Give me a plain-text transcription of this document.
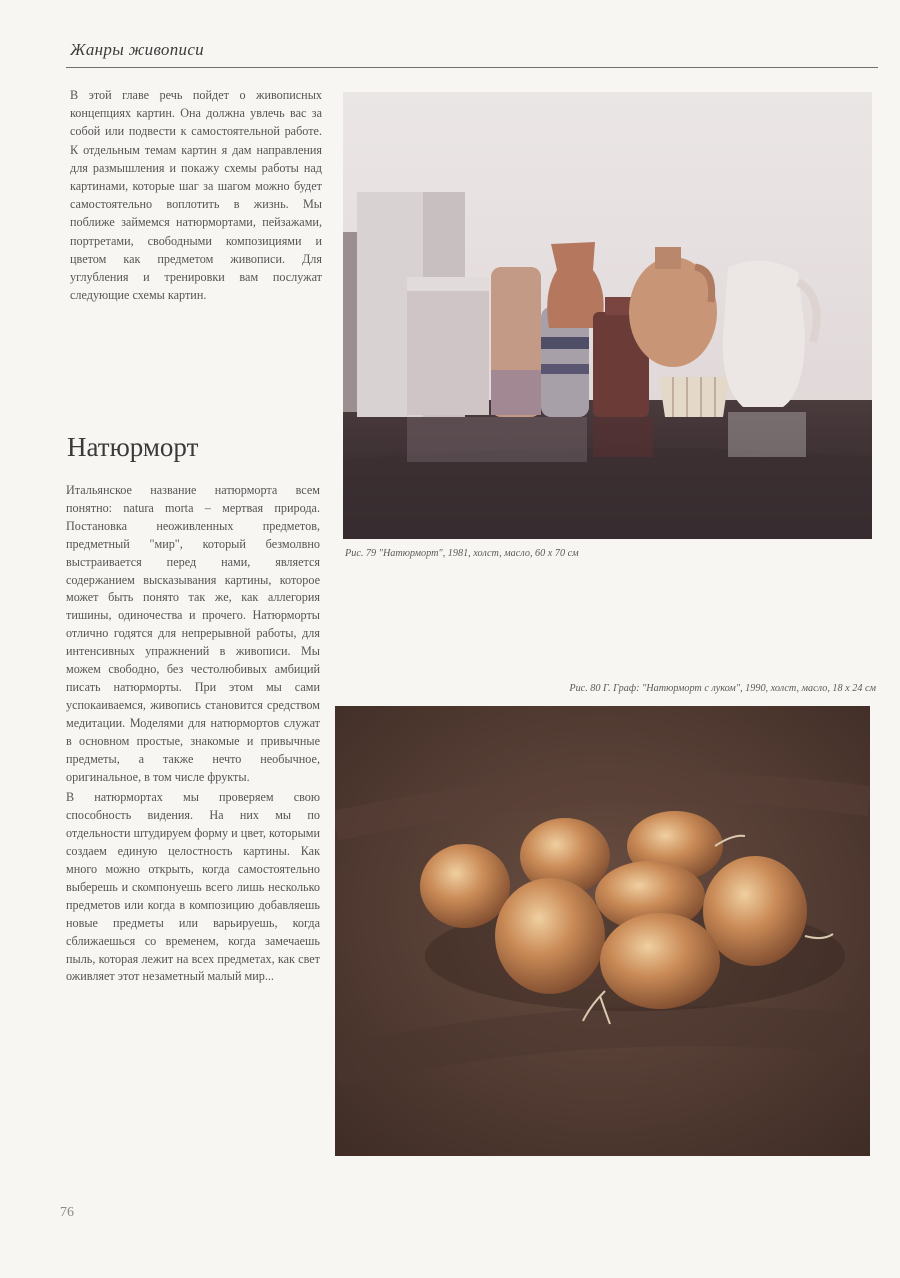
Жанры живописи
В этой главе речь пойдет о живописных концепциях картин. Она должна увлечь вас за собой или подвести к самостоятельной работе. К отдельным темам картин я дам направления для размышления и покажу схемы работы над картинами, которые шаг за шагом можно будет самостоятельно воплотить в жизнь. Мы поближе займемся натюрмортами, пейзажами, портретами, свободными композициями и цветом как предметом живописи. Для углубления и тренировки вам послужат следующие схемы картин.
Натюрморт

Итальянское название натюрморта всем понятно: natura morta – мертвая природа. Постановка неоживленных предметов, предметный "мир", который безмолвно выстраивается перед нами, является содержанием высказывания картины, которое может быть понято так же, как аллегория тишины, одиночества и прочего. Натюрморты отлично годятся для непрерывной работы, для интенсивных упражнений в живописи. Мы можем свободно, без честолюбивых амбиций писать натюрморты. При этом мы сами успокаиваемся, живопись становится средством медитации. Моделями для натюрмортов служат в основном простые, знакомые и привычные предметы, а также нечто необычное, оригинальное, в том числе фрукты.

В натюрмортах мы проверяем свою способность видения. На них мы по отдельности штудируем форму и цвет, которыми создаем единую целостность картины. Как много можно открыть, когда самостоятельно выберешь и скомпонуешь всего лишь несколько предметов или когда в композицию добавляешь новые предметы или варьируешь, когда сближаешься со временем, когда замечаешь пыль, которая лежит на всех предметах, как свет оживляет этот незаметный малый мир...

Рис. 79 "Натюрморт", 1981, холст, масло, 60 х 70 см
Рис. 80 Г. Граф: "Натюрморт с луком", 1990, холст, масло, 18 х 24 см
76
